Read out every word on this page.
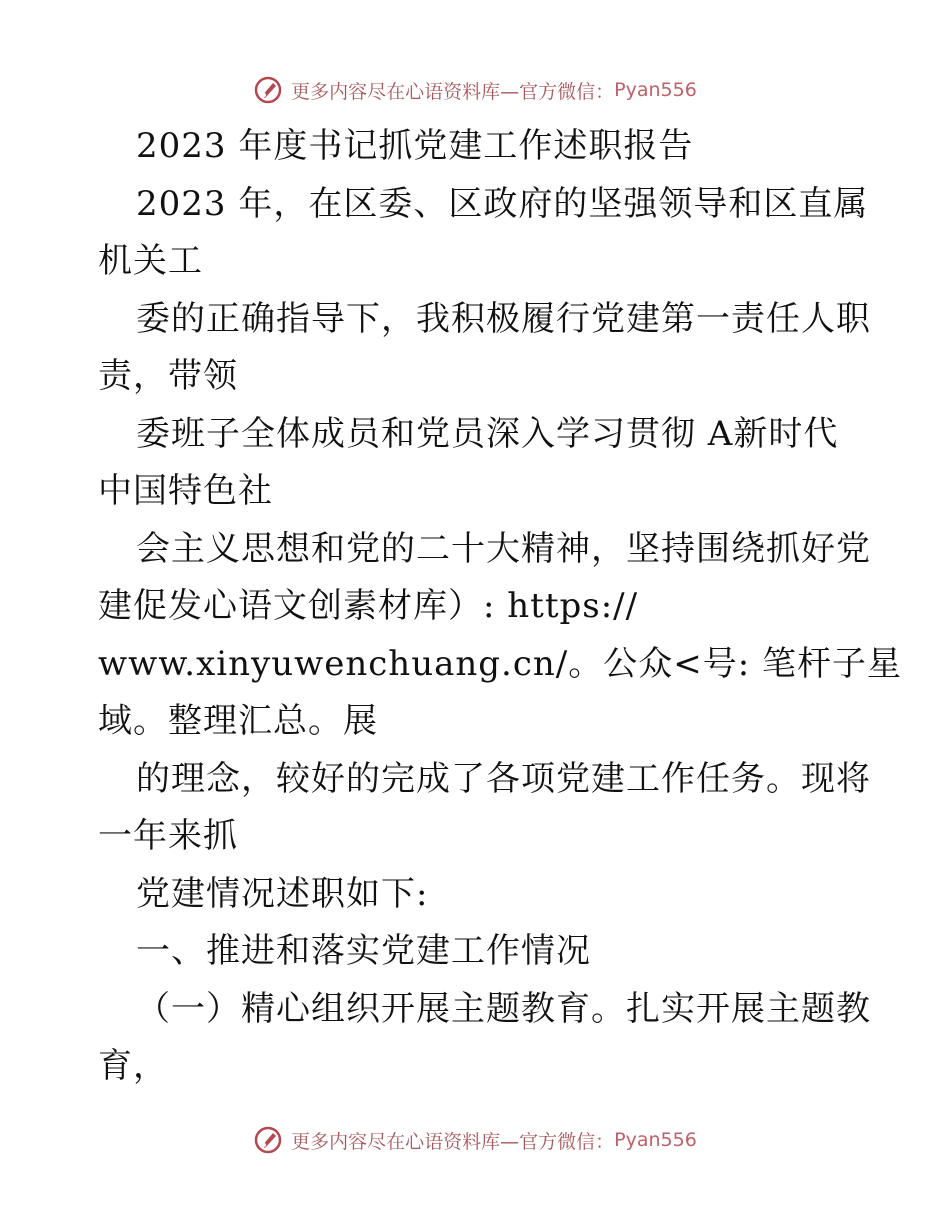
更多内容尽在心语资料库—官方微信： Pyan556
2023 年度书记抓党建工作述职报告
2023 年，在区委、区政府的坚强领导和区直属
机关工
委的正确指导下，我积极履行党建第一责任人职
责，带领
委班子全体成员和党员深入学习贯彻 A新时代
中国特色社
会主义思想和党的二十大精神，坚持围绕抓好党
建促发心语文创素材库）: https://
www.xinyuwenchuang.cn/。公众<号: 笔杆子星
域。整理汇总。展
的理念，较好的完成了各项党建工作任务。现将
一年来抓
党建情况述职如下:
一、推进和落实党建工作情况
（一）精心组织开展主题教育。扎实开展主题教
育，
更多内容尽在心语资料库—官方微信： Pyan556
